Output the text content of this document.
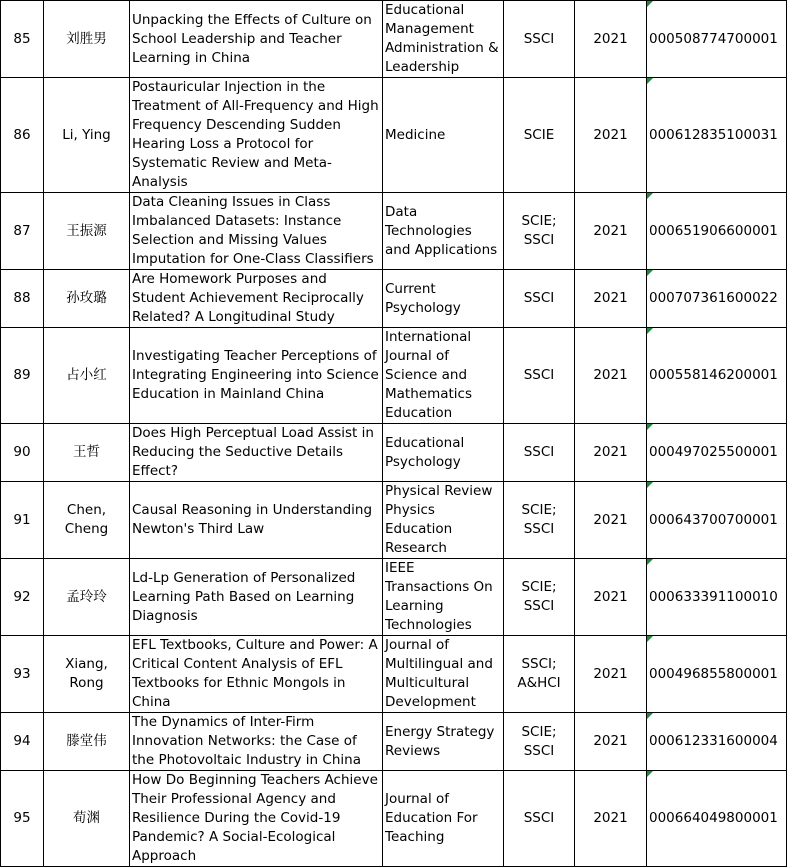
85	刘胜男	Unpacking the Effects of Culture on School Leadership and Teacher Learning in China	Educational Management Administration & Leadership	SSCI	2021	000508774700001
86	Li, Ying	Postauricular Injection in the Treatment of All-Frequency and High Frequency Descending Sudden Hearing Loss a Protocol for Systematic Review and Meta-Analysis	Medicine	SCIE	2021	000612835100031
87	王振源	Data Cleaning Issues in Class Imbalanced Datasets: Instance Selection and Missing Values Imputation for One-Class Classifiers	Data Technologies and Applications	SCIE; SSCI	2021	000651906600001
88	孙玫璐	Are Homework Purposes and Student Achievement Reciprocally Related? A Longitudinal Study	Current Psychology	SSCI	2021	000707361600022
89	占小红	Investigating Teacher Perceptions of Integrating Engineering into Science Education in Mainland China	International Journal of Science and Mathematics Education	SSCI	2021	000558146200001
90	王哲	Does High Perceptual Load Assist in Reducing the Seductive Details Effect?	Educational Psychology	SSCI	2021	000497025500001
91	Chen, Cheng	Causal Reasoning in Understanding Newton's Third Law	Physical Review Physics Education Research	SCIE; SSCI	2021	000643700700001
92	孟玲玲	Ld-Lp Generation of Personalized Learning Path Based on Learning Diagnosis	IEEE Transactions On Learning Technologies	SCIE; SSCI	2021	000633391100010
93	Xiang, Rong	EFL Textbooks, Culture and Power: A Critical Content Analysis of EFL Textbooks for Ethnic Mongols in China	Journal of Multilingual and Multicultural Development	SSCI; A&HCI	2021	000496855800001
94	滕堂伟	The Dynamics of Inter-Firm Innovation Networks: the Case of the Photovoltaic Industry in China	Energy Strategy Reviews	SCIE; SSCI	2021	000612331600004
95	荀渊	How Do Beginning Teachers Achieve Their Professional Agency and Resilience During the Covid-19 Pandemic? A Social-Ecological Approach	Journal of Education For Teaching	SSCI	2021	000664049800001
